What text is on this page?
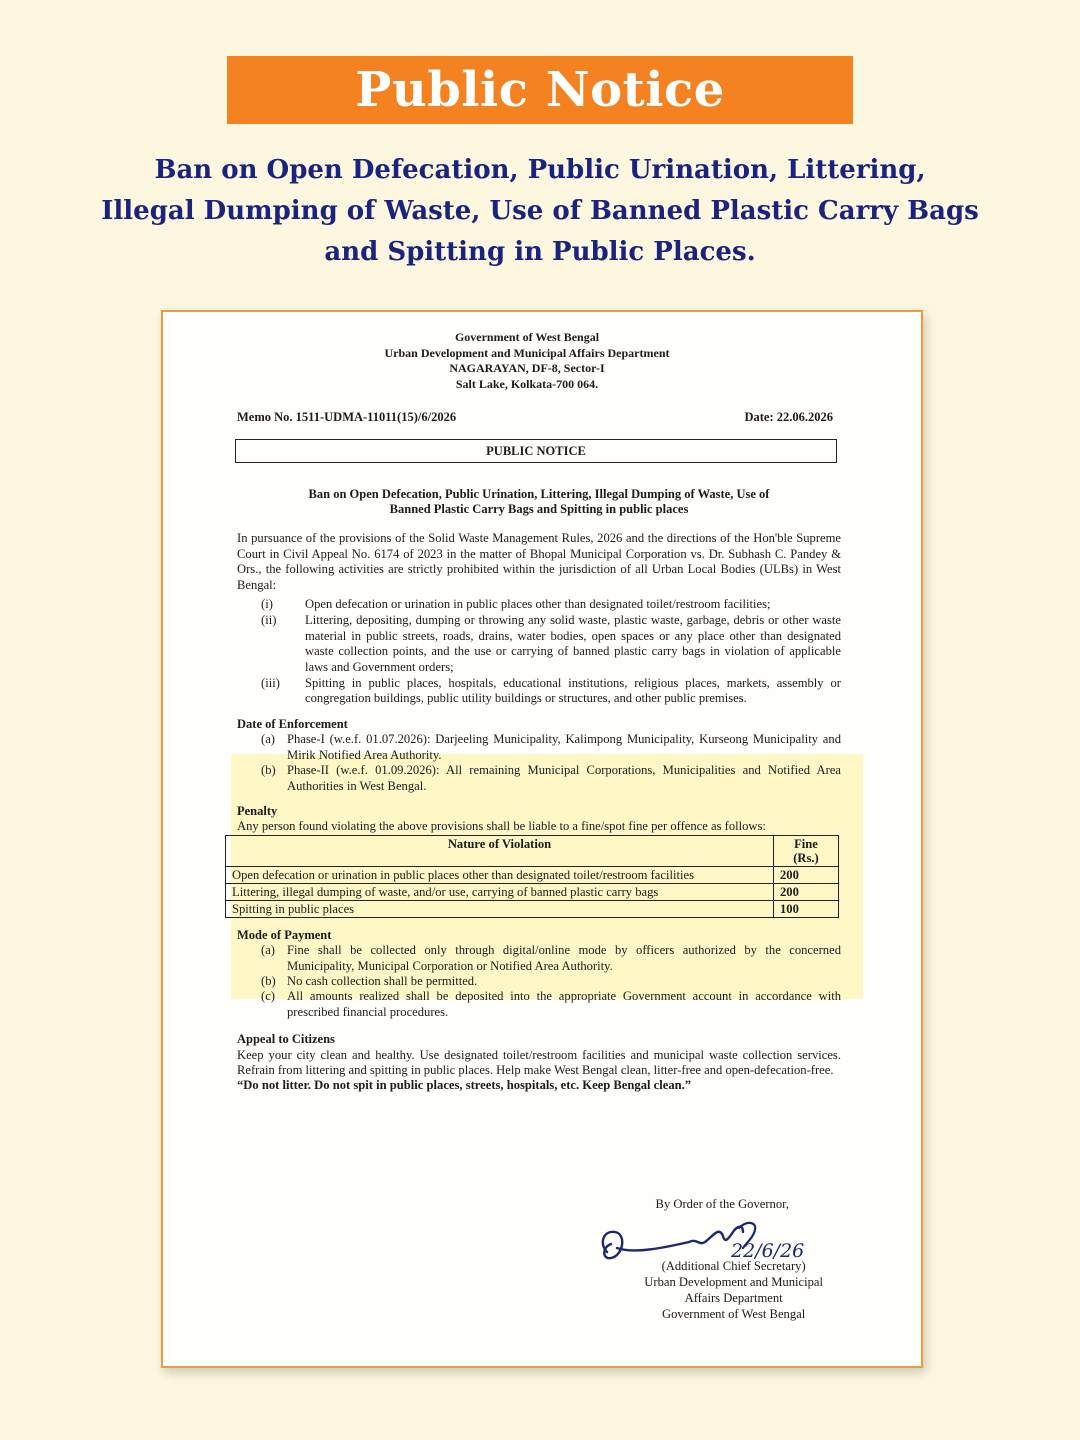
Public Notice
Ban on Open Defecation, Public Urination, Littering,
Illegal Dumping of Waste, Use of Banned Plastic Carry Bags
and Spitting in Public Places.
Government of West Bengal
Urban Development and Municipal Affairs Department
NAGARAYAN, DF-8, Sector-I
Salt Lake, Kolkata-700 064.
Memo No. 1511-UDMA-11011(15)/6/2026	Date: 22.06.2026
PUBLIC NOTICE
Ban on Open Defecation, Public Urination, Littering, Illegal Dumping of Waste, Use of
Banned Plastic Carry Bags and Spitting in public places
In pursuance of the provisions of the Solid Waste Management Rules, 2026 and the directions of the Hon'ble Supreme Court in Civil Appeal No. 6174 of 2023 in the matter of Bhopal Municipal Corporation vs. Dr. Subhash C. Pandey & Ors., the following activities are strictly prohibited within the jurisdiction of all Urban Local Bodies (ULBs) in West Bengal:
(i)	Open defecation or urination in public places other than designated toilet/restroom facilities;
(ii)	Littering, depositing, dumping or throwing any solid waste, plastic waste, garbage, debris or other waste material in public streets, roads, drains, water bodies, open spaces or any place other than designated waste collection points, and the use or carrying of banned plastic carry bags in violation of applicable laws and Government orders;
(iii)	Spitting in public places, hospitals, educational institutions, religious places, markets, assembly or congregation buildings, public utility buildings or structures, and other public premises.
Date of Enforcement
(a) Phase-I (w.e.f. 01.07.2026): Darjeeling Municipality, Kalimpong Municipality, Kurseong Municipality and Mirik Notified Area Authority.
(b) Phase-II (w.e.f. 01.09.2026): All remaining Municipal Corporations, Municipalities and Notified Area Authorities in West Bengal.
Penalty
Any person found violating the above provisions shall be liable to a fine/spot fine per offence as follows:
Nature of Violation	Fine (Rs.)
Open defecation or urination in public places other than designated toilet/restroom facilities	200
Littering, illegal dumping of waste, and/or use, carrying of banned plastic carry bags	200
Spitting in public places	100
Mode of Payment
(a) Fine shall be collected only through digital/online mode by officers authorized by the concerned Municipality, Municipal Corporation or Notified Area Authority.
(b) No cash collection shall be permitted.
(c) All amounts realized shall be deposited into the appropriate Government account in accordance with prescribed financial procedures.
Appeal to Citizens
Keep your city clean and healthy. Use designated toilet/restroom facilities and municipal waste collection services. Refrain from littering and spitting in public places. Help make West Bengal clean, litter-free and open-defecation-free.
“Do not litter. Do not spit in public places, streets, hospitals, etc. Keep Bengal clean.”
By Order of the Governor,
22/6/26
(Additional Chief Secretary)
Urban Development and Municipal
Affairs Department
Government of West Bengal
